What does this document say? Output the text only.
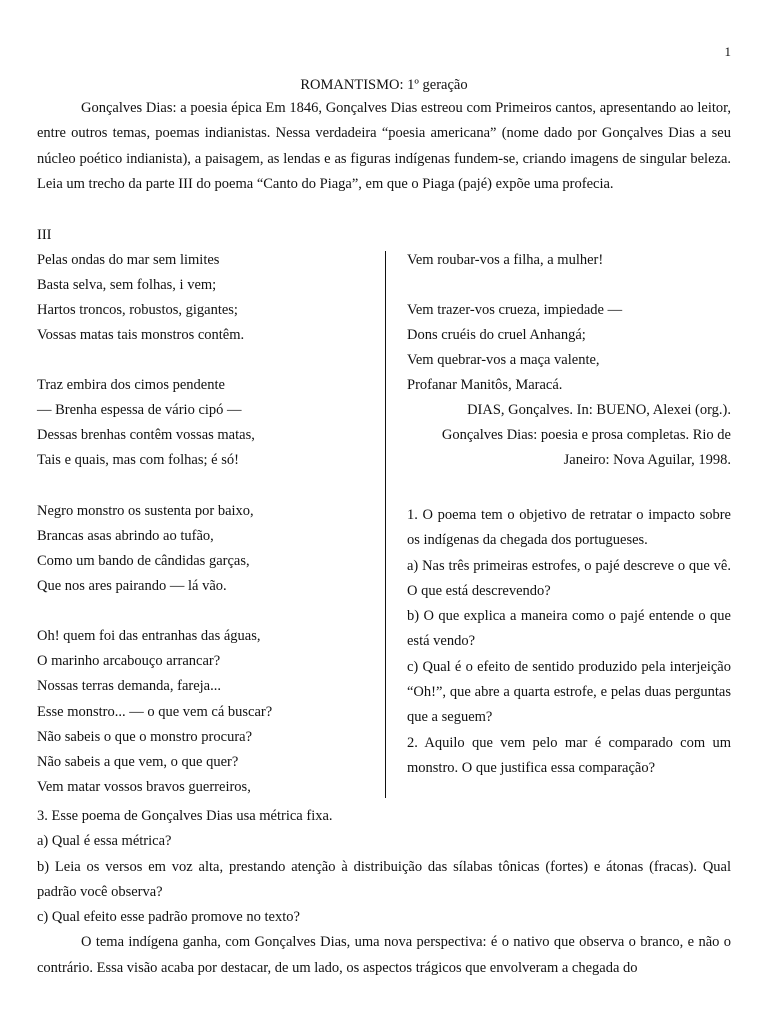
1
ROMANTISMO: 1º geração

Gonçalves Dias: a poesia épica Em 1846, Gonçalves Dias estreou com Primeiros cantos, apresentando ao leitor, entre outros temas, poemas indianistas. Nessa verdadeira “poesia americana” (nome dado por Gonçalves Dias a seu núcleo poético indianista), a paisagem, as lendas e as figuras indígenas fundem-se, criando imagens de singular beleza. Leia um trecho da parte III do poema “Canto do Piaga”, em que o Piaga (pajé) expõe uma profecia.

III
Pelas ondas do mar sem limites
Basta selva, sem folhas, i vem;
Hartos troncos, robustos, gigantes;
Vossas matas tais monstros contêm.
Traz embira dos cimos pendente
— Brenha espessa de vário cipó —
Dessas brenhas contêm vossas matas,
Tais e quais, mas com folhas; é só!
Negro monstro os sustenta por baixo,
Brancas asas abrindo ao tufão,
Como um bando de cândidas garças,
Que nos ares pairando — lá vão.
Oh! quem foi das entranhas das águas,
O marinho arcabouço arrancar?
Nossas terras demanda, fareja...
Esse monstro... — o que vem cá buscar?
Não sabeis o que o monstro procura?
Não sabeis a que vem, o que quer?
Vem matar vossos bravos guerreiros,
Vem roubar-vos a filha, a mulher!
Vem trazer-vos crueza, impiedade —
Dons cruéis do cruel Anhangá;
Vem quebrar-vos a maça valente,
Profanar Manitôs, Maracá.
DIAS, Gonçalves. In: BUENO, Alexei (org.).
Gonçalves Dias: poesia e prosa completas. Rio de
Janeiro: Nova Aguilar, 1998.

1. O poema tem o objetivo de retratar o impacto sobre os indígenas da chegada dos portugueses.

a) Nas três primeiras estrofes, o pajé descreve o que vê. O que está descrevendo?

b) O que explica a maneira como o pajé entende o que está vendo?

c) Qual é o efeito de sentido produzido pela interjeição “Oh!”, que abre a quarta estrofe, e pelas duas perguntas que a seguem?

2. Aquilo que vem pelo mar é comparado com um monstro. O que justifica essa comparação?

3. Esse poema de Gonçalves Dias usa métrica fixa.

a) Qual é essa métrica?

b) Leia os versos em voz alta, prestando atenção à distribuição das sílabas tônicas (fortes) e átonas (fracas). Qual padrão você observa?

c) Qual efeito esse padrão promove no texto?

O tema indígena ganha, com Gonçalves Dias, uma nova perspectiva: é o nativo que observa o branco, e não o contrário. Essa visão acaba por destacar, de um lado, os aspectos trágicos que envolveram a chegada do
